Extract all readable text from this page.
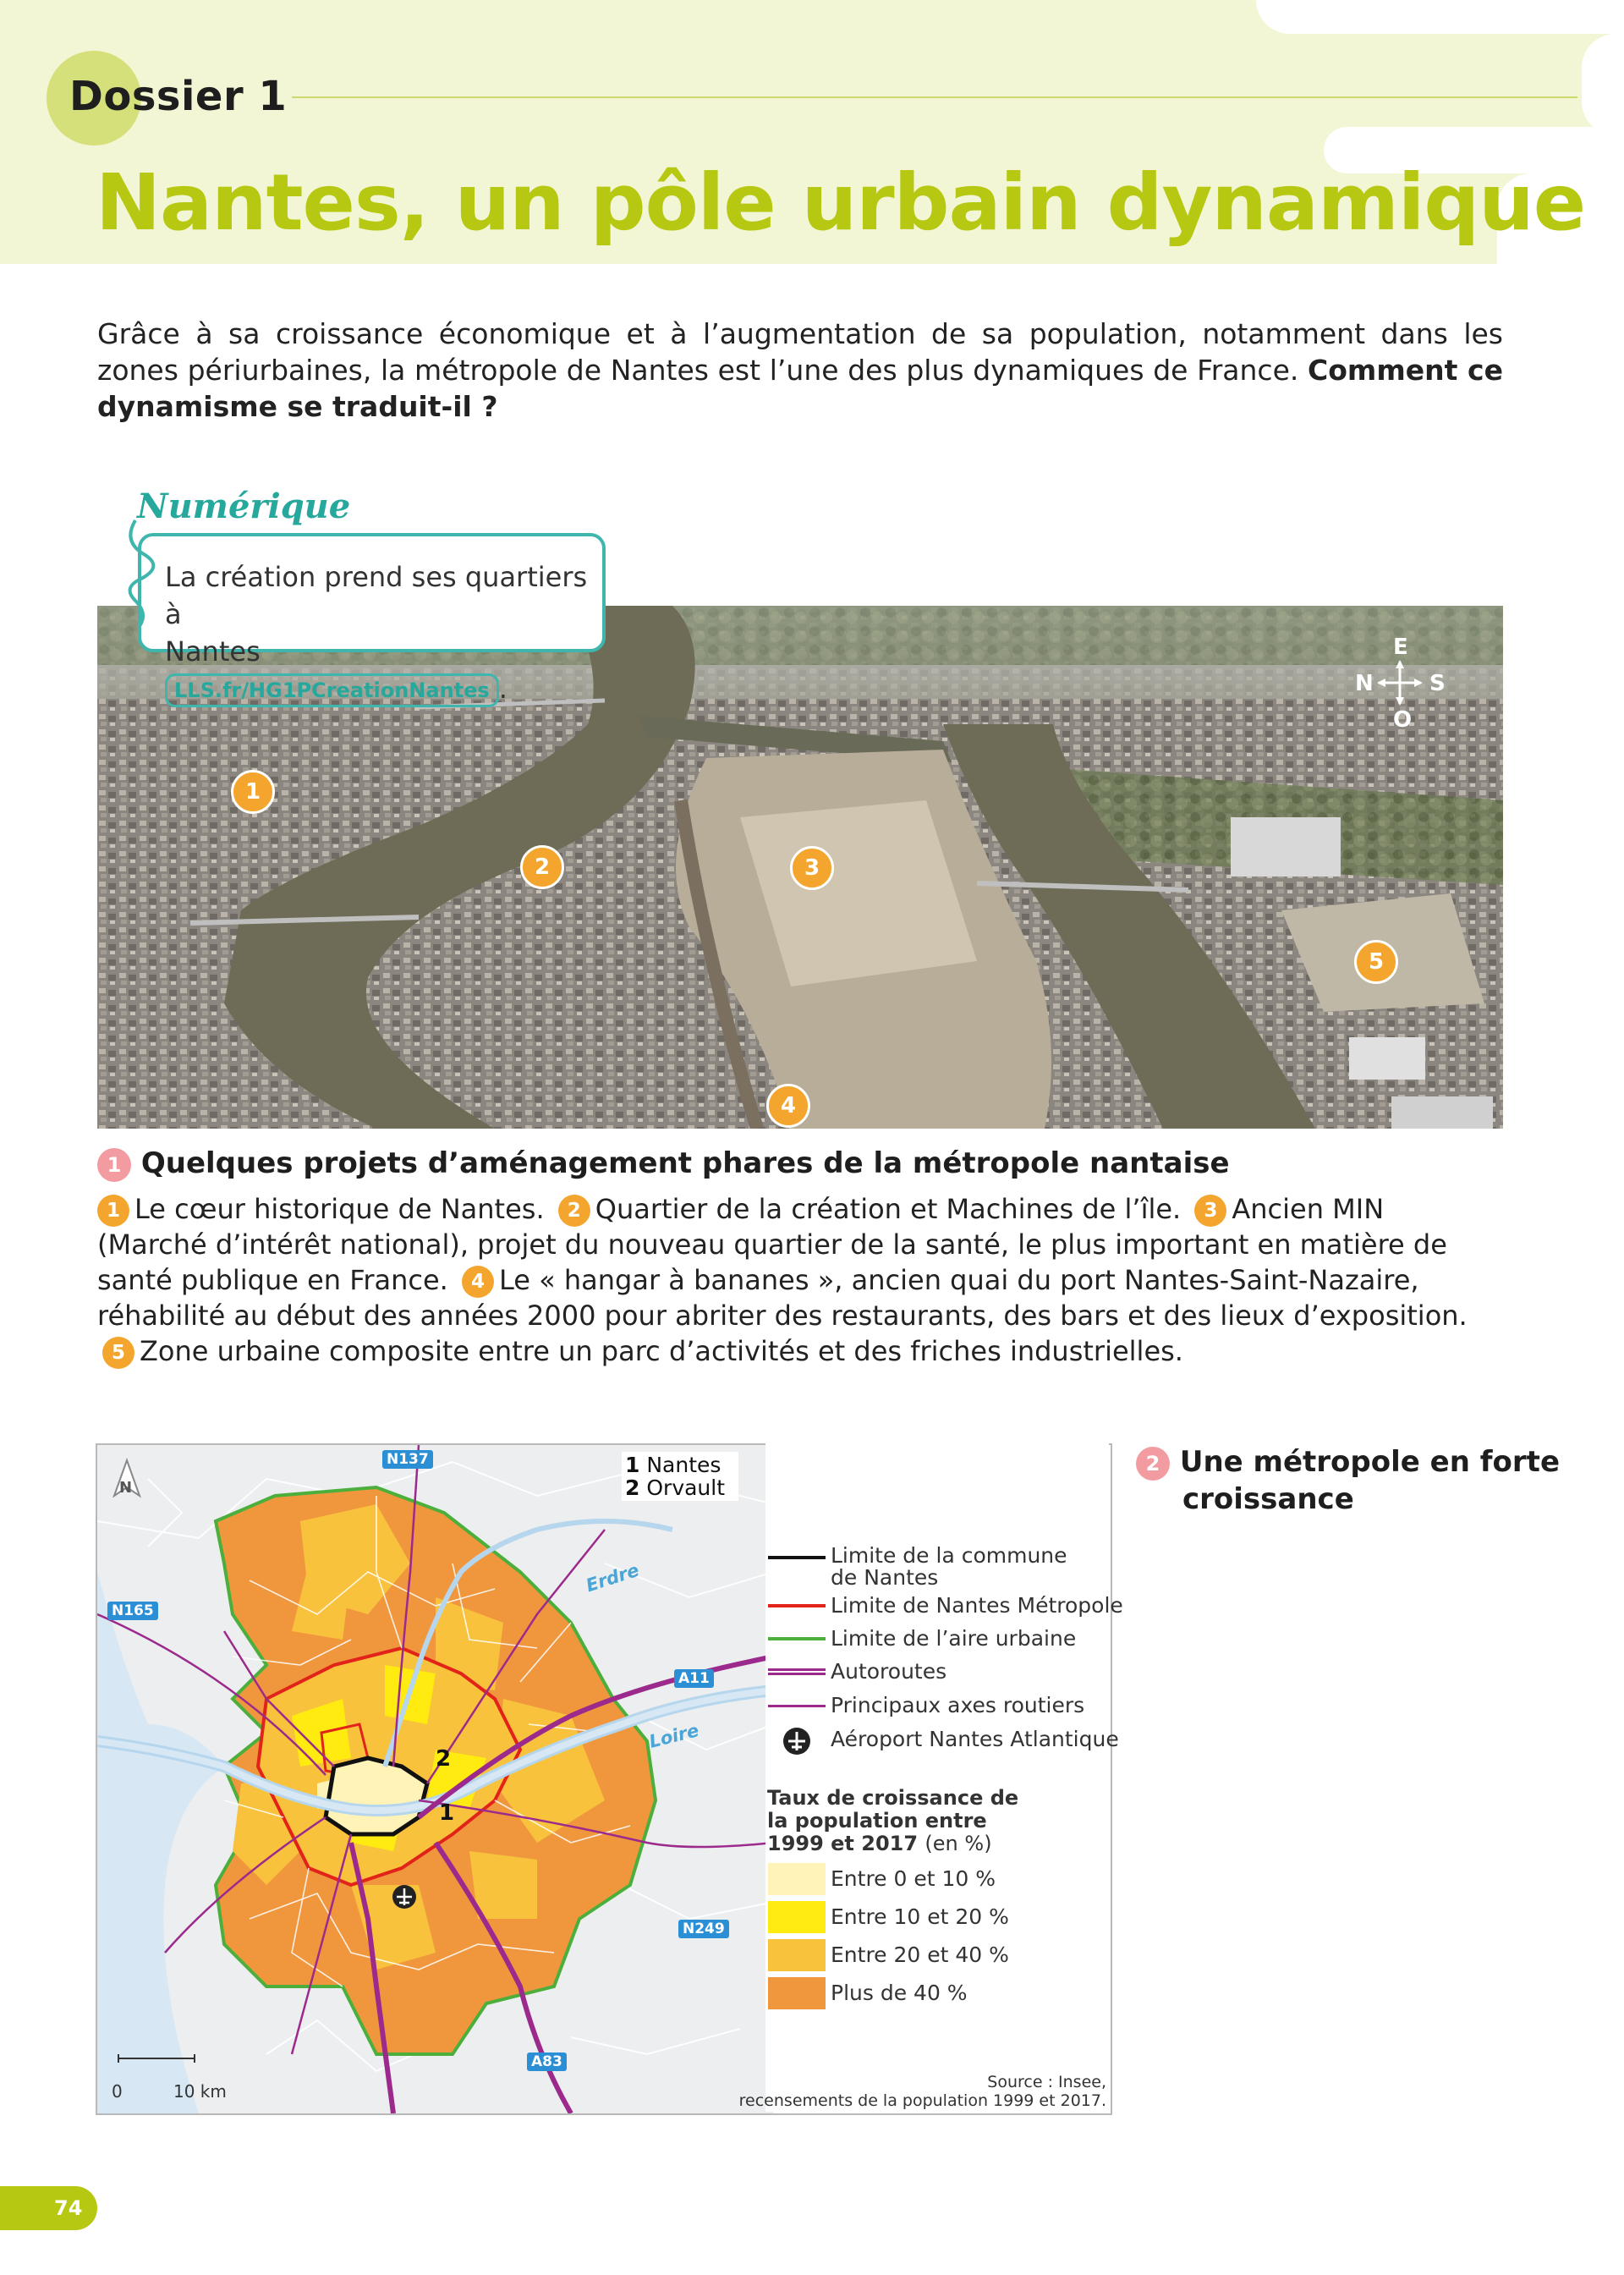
Dossier 1
Nantes, un pôle urbain dynamique

Grâce à sa croissance économique et à l’augmentation de sa population, notamment dans les zones périurbaines, la métropole de Nantes est l’une des plus dynamiques de France. Comment ce dynamisme se traduit-il ?

Numérique
La création prend ses quartiers à
Nantes LLS.fr/HG1PCreationNantes .
E
N	S
O
1
2	3
4
5
1 Quelques projets d’aménagement phares de la métropole nantaise
1 Le cœur historique de Nantes. 2 Quartier de la création et Machines de l’île. 3 Ancien MIN (Marché d’intérêt national), projet du nouveau quartier de la santé, le plus important en matière de santé publique en France. 4 Le « hangar à bananes », ancien quai du port Nantes-Saint-Nazaire, réhabilité au début des années 2000 pour abriter des restaurants, des bars et des lieux d’exposition. 5 Zone urbaine composite entre un parc d’activités et des friches industrielles.
N
0	10 km
2
1
N137
N165
A11
N249
A83
Erdre
Loire
1 Nantes
2 Orvault
Limite de la commune de Nantes
Limite de Nantes Métropole
Limite de l’aire urbaine
Autoroutes
Principaux axes routiers
Aéroport Nantes Atlantique
Taux de croissance de la population entre 1999 et 2017 (en %)
Entre 0 et 10 %
Entre 10 et 20 %
Entre 20 et 40 %
Plus de 40 %
Source : Insee,
recensements de la population 1999 et 2017.
2 Une métropole en forte
croissance
74
